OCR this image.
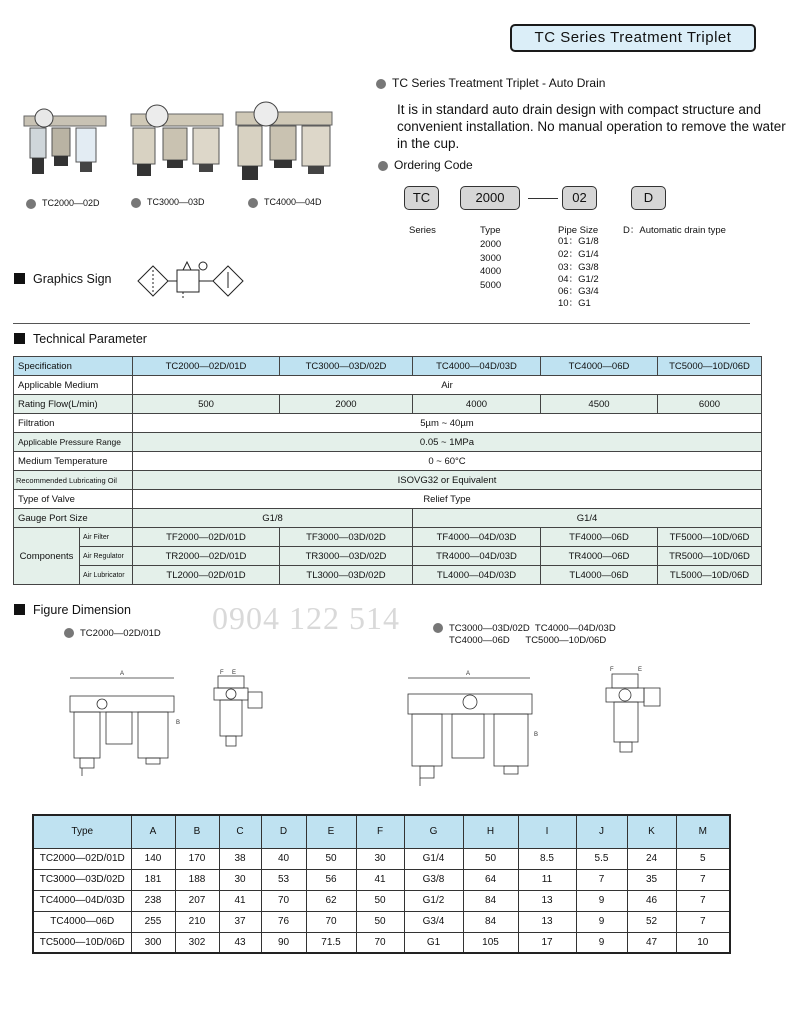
TC Series Treatment Triplet
TC2000—02D	TC3000—03D	TC4000—04D
TC Series Treatment Triplet - Auto Drain
It is in standard auto drain design with compact structure and convenient installation. No manual operation to remove the water in the cup.
Ordering Code
TC	2000	02	D
Series	Type
2000
3000
4000
5000
Pipe Size
01：G1/8
02：G1/4
03：G3/8
04：G1/2
06：G3/4
10：G1
D：Automatic drain type
Graphics Sign
Technical Parameter
Specification		TC2000—02D/01D	TC3000—03D/02D	TC4000—04D/03D	TC4000—06D	TC5000—10D/06D
Applicable Medium		Air				
Rating Flow(L/min)		500	2000	4000	4500	6000
Filtration		5µm ~ 40µm				
Applicable Pressure Range		0.05 ~ 1MPa				
Medium Temperature		0 ~ 60°C				
Recommended Lubricating Oil		ISOVG32 or Equivalent				
Type of Valve		Relief Type				
Gauge Port Size		G1/8		G1/4		
Components	Air Filter	TF2000—02D/01D	TF3000—03D/02D	TF4000—04D/03D	TF4000—06D	TF5000—10D/06D
	Air Regulator	TR2000—02D/01D	TR3000—03D/02D	TR4000—04D/03D	TR4000—06D	TR5000—10D/06D
	Air Lubricator	TL2000—02D/01D	TL3000—03D/02D	TL4000—04D/03D	TL4000—06D	TL5000—10D/06D
Figure Dimension	0904 122 514
TC2000—02D/01D	TC3000—03D/02D  TC4000—04D/03D
TC4000—06D      TC5000—10D/06D
A
B
F E	A
B
F	E
Type	A	B	C	D	E	F	G	H	I	J	K	M
TC2000—02D/01D	140	170	38	40	50	30	G1/4	50	8.5	5.5	24	5
TC3000—03D/02D	181	188	30	53	56	41	G3/8	64	11	7	35	7
TC4000—04D/03D	238	207	41	70	62	50	G1/2	84	13	9	46	7
TC4000—06D	255	210	37	76	70	50	G3/4	84	13	9	52	7
TC5000—10D/06D	300	302	43	90	71.5	70	G1	105	17	9	47	10
